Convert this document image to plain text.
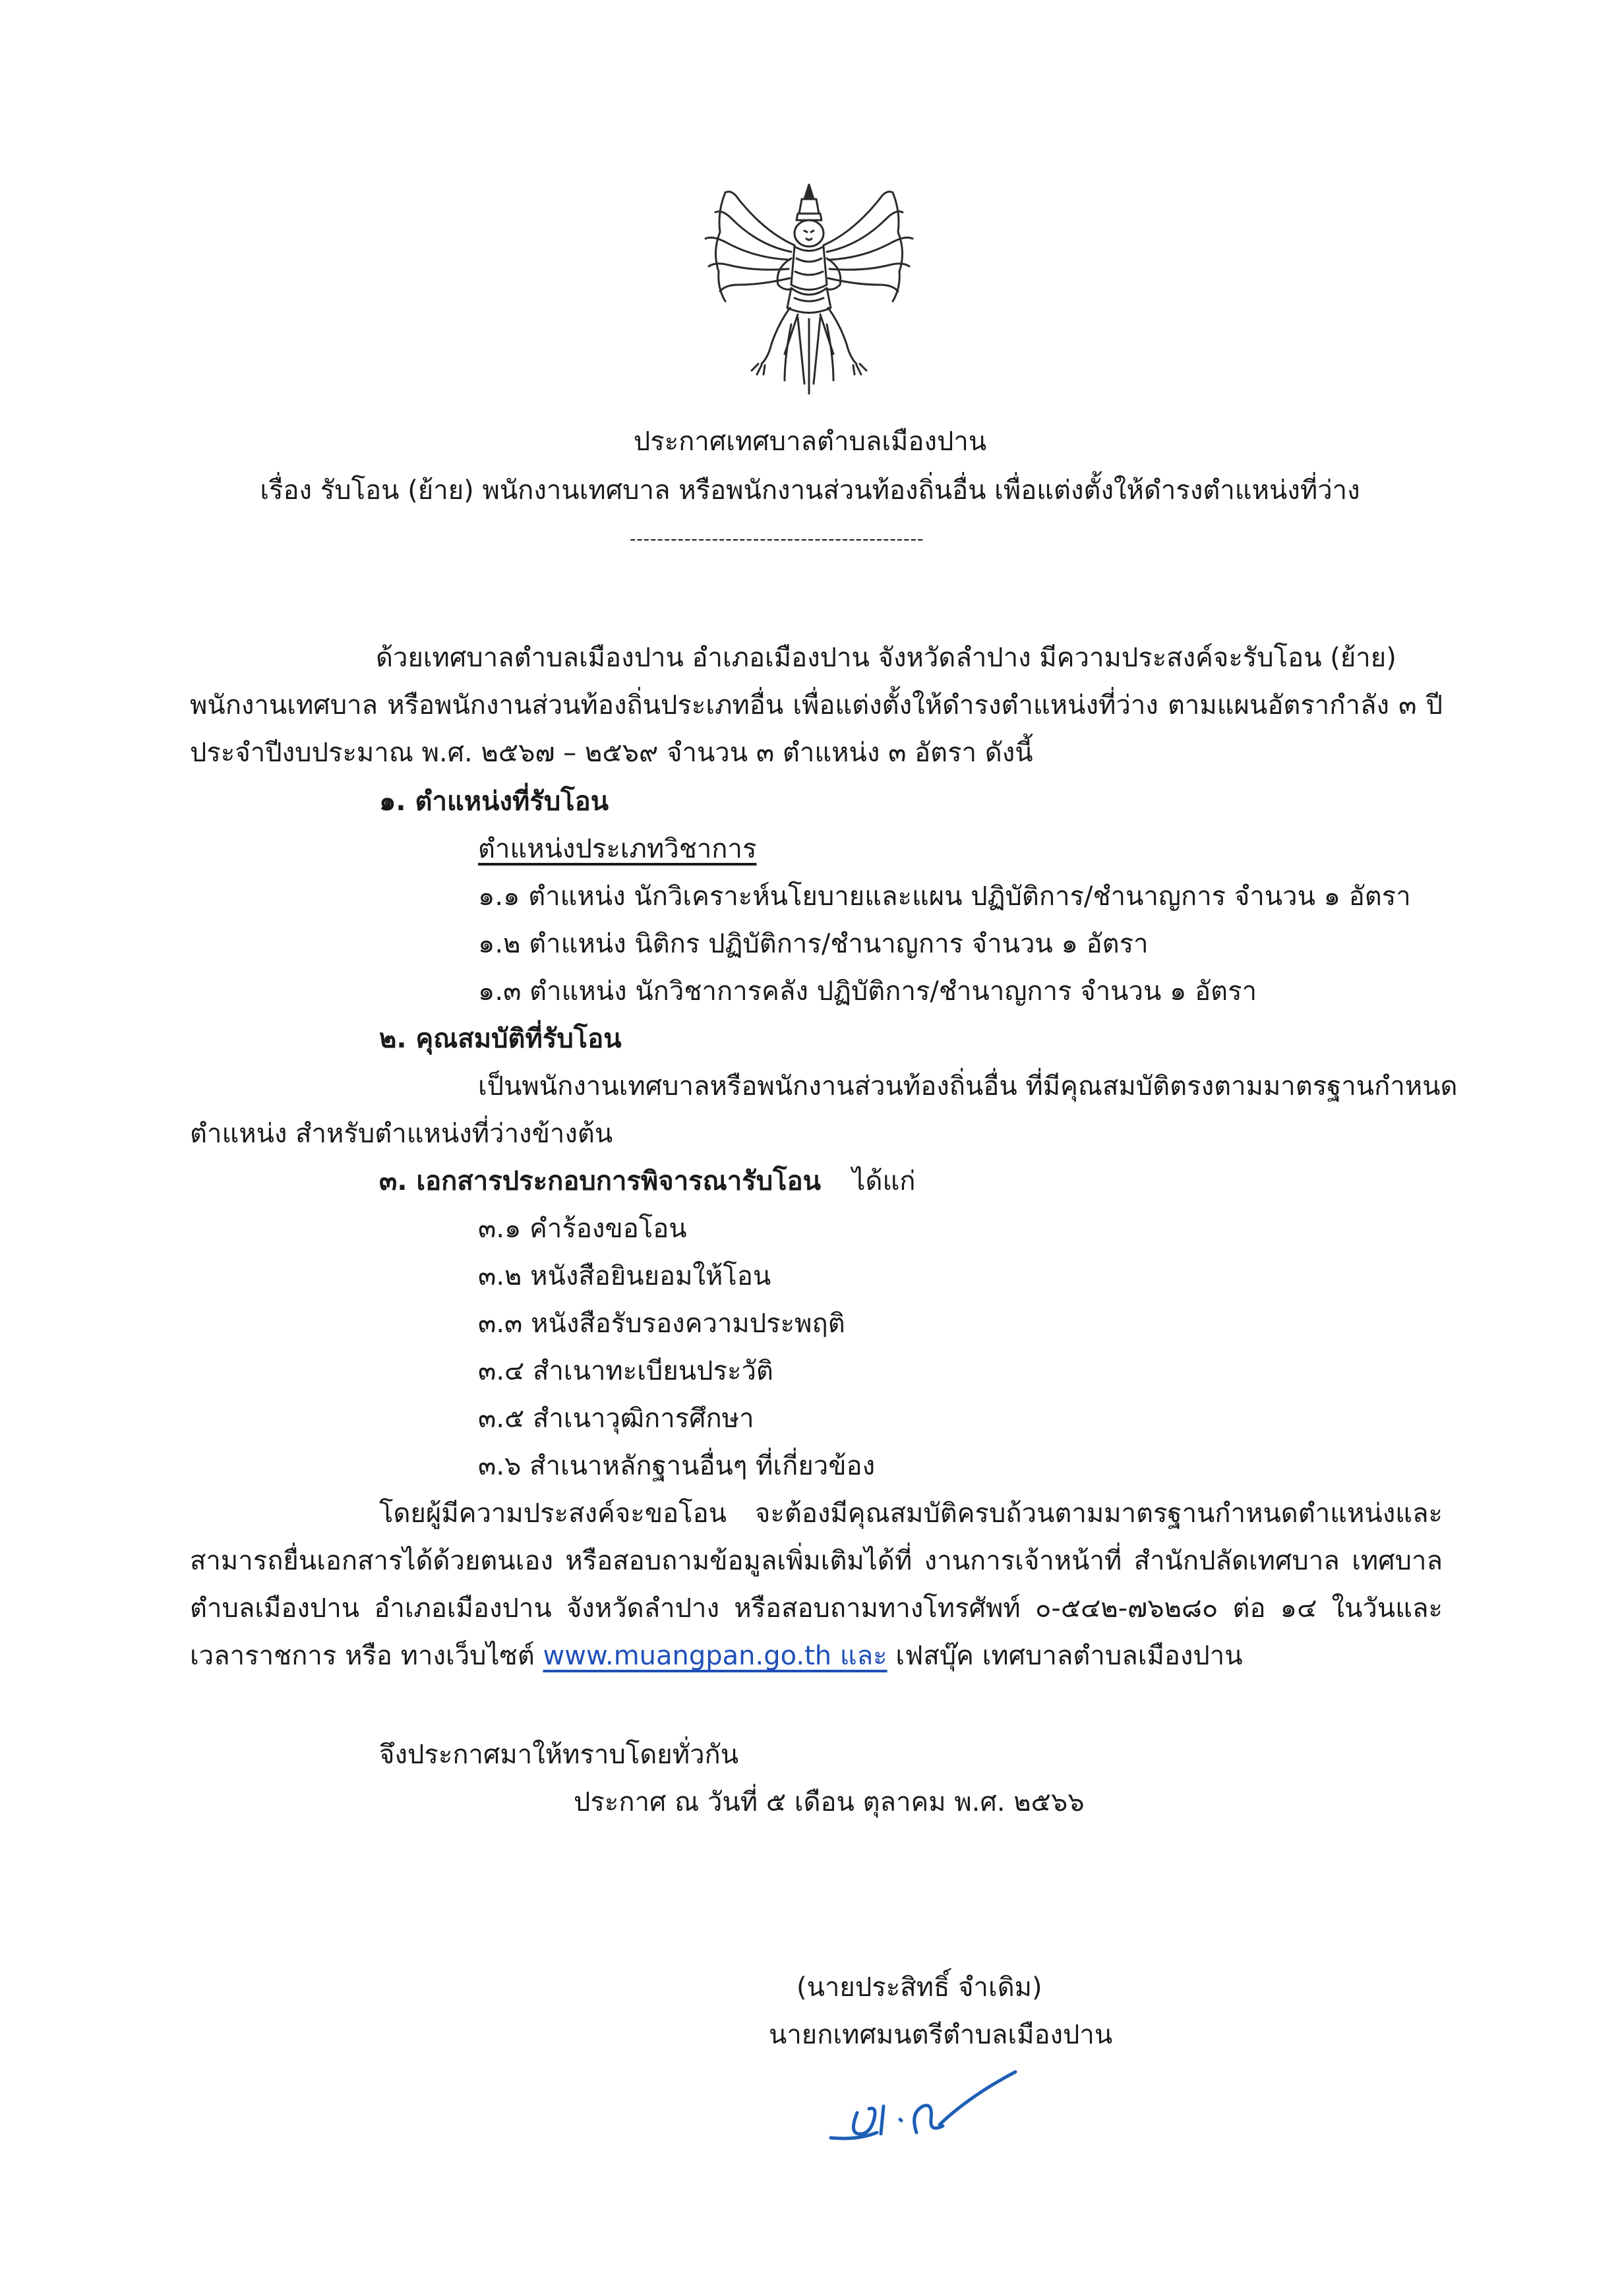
ประกาศเทศบาลตำบลเมืองปาน
เรื่อง รับโอน (ย้าย) พนักงานเทศบาล หรือพนักงานส่วนท้องถิ่นอื่น เพื่อแต่งตั้งให้ดำรงตำแหน่งที่ว่าง
-------------------------------------------
ด้วยเทศบาลตำบลเมืองปาน อำเภอเมืองปาน จังหวัดลำปาง มีความประสงค์จะรับโอน (ย้าย)
พนักงานเทศบาล หรือพนักงานส่วนท้องถิ่นประเภทอื่น เพื่อแต่งตั้งให้ดำรงตำแหน่งที่ว่าง ตามแผนอัตรากำลัง ๓ ปี
ประจำปีงบประมาณ พ.ศ. ๒๕๖๗ – ๒๕๖๙ จำนวน ๓ ตำแหน่ง ๓ อัตรา ดังนี้
๑. ตำแหน่งที่รับโอน
ตำแหน่งประเภทวิชาการ
๑.๑ ตำแหน่ง นักวิเคราะห์นโยบายและแผน ปฏิบัติการ/ชำนาญการ จำนวน ๑ อัตรา
๑.๒ ตำแหน่ง นิติกร ปฏิบัติการ/ชำนาญการ จำนวน ๑ อัตรา
๑.๓ ตำแหน่ง นักวิชาการคลัง ปฏิบัติการ/ชำนาญการ จำนวน ๑ อัตรา
๒. คุณสมบัติที่รับโอน
เป็นพนักงานเทศบาลหรือพนักงานส่วนท้องถิ่นอื่น ที่มีคุณสมบัติตรงตามมาตรฐานกำหนด
ตำแหน่ง สำหรับตำแหน่งที่ว่างข้างต้น
๓. เอกสารประกอบการพิจารณารับโอน ได้แก่
๓.๑ คำร้องขอโอน
๓.๒ หนังสือยินยอมให้โอน
๓.๓ หนังสือรับรองความประพฤติ
๓.๔ สำเนาทะเบียนประวัติ
๓.๕ สำเนาวุฒิการศึกษา
๓.๖ สำเนาหลักฐานอื่นๆ ที่เกี่ยวข้อง
โดยผู้มีความประสงค์จะขอโอน จะต้องมีคุณสมบัติครบถ้วนตามมาตรฐานกำหนดตำแหน่งและ
สามารถยื่นเอกสารได้ด้วยตนเอง หรือสอบถามข้อมูลเพิ่มเติมได้ที่ งานการเจ้าหน้าที่ สำนักปลัดเทศบาล เทศบาล
ตำบลเมืองปาน อำเภอเมืองปาน จังหวัดลำปาง หรือสอบถามทางโทรศัพท์ ๐-๕๔๒-๗๖๒๘๐ ต่อ ๑๔ ในวันและ
เวลาราชการ หรือ ทางเว็บไซต์ www.muangpan.go.th และ เฟสบุ๊ค เทศบาลตำบลเมืองปาน
จึงประกาศมาให้ทราบโดยทั่วกัน
ประกาศ ณ วันที่ ๕ เดือน ตุลาคม พ.ศ. ๒๕๖๖
(นายประสิทธิ์ จำเดิม)
นายกเทศมนตรีตำบลเมืองปาน
